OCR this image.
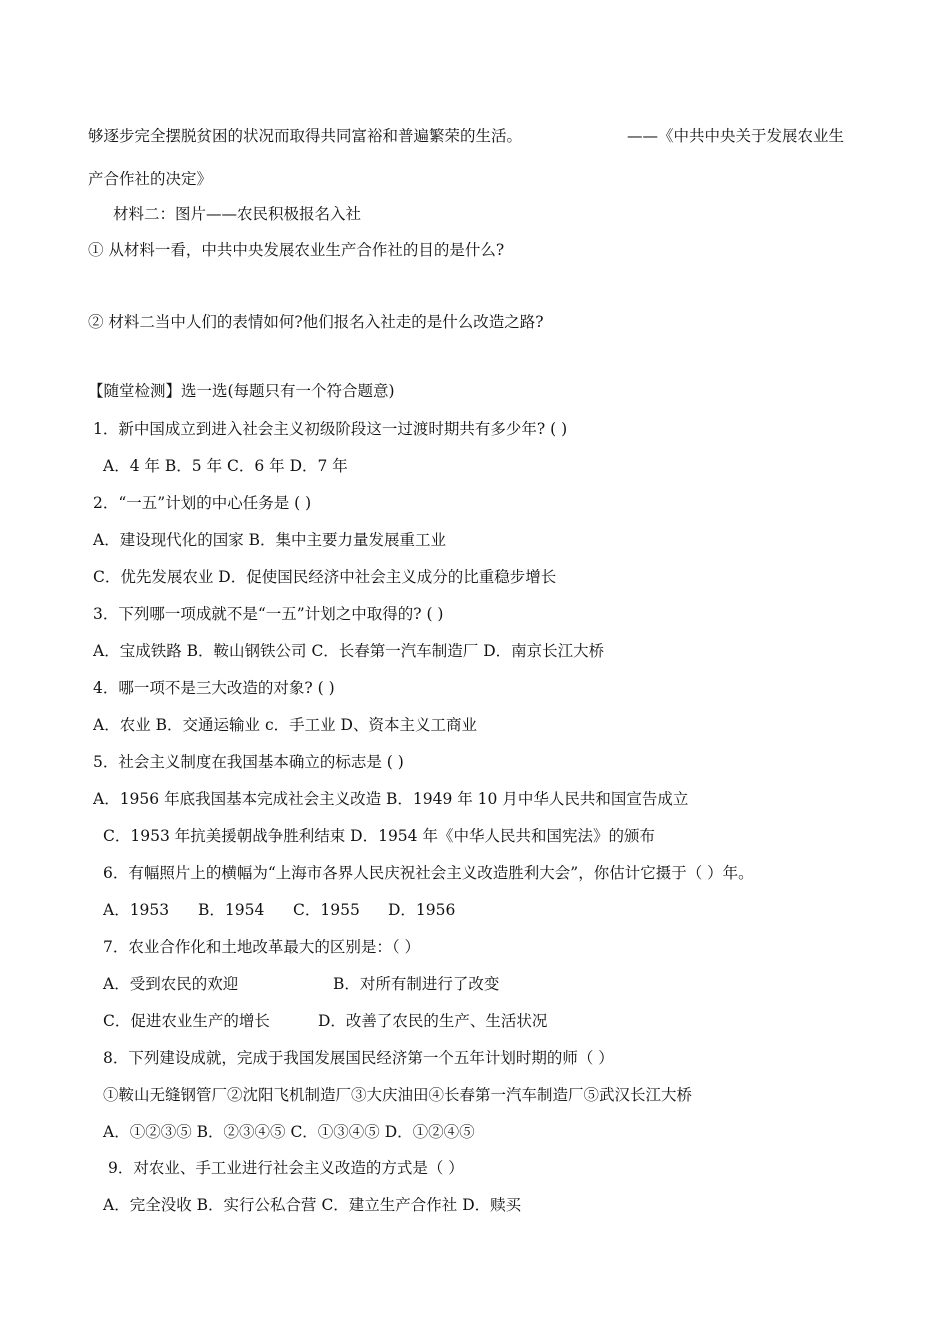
够逐步完全摆脱贫困的状况而取得共同富裕和普遍繁荣的生活。	——《中共中央关于发展农业生
产合作社的决定》
材料二：图片——农民积极报名入社
① 从材料一看，中共中央发展农业生产合作社的目的是什么?
② 材料二当中人们的表情如何?他们报名入社走的是什么改造之路?
【随堂检测】选一选(每题只有一个符合题意)
1．新中国成立到进入社会主义初级阶段这一过渡时期共有多少年? ( )
A．4 年 B．5 年 C．6 年 D．7 年
2．“一五”计划的中心任务是 ( )
A．建设现代化的国家 B．集中主要力量发展重工业
C．优先发展农业 D．促使国民经济中社会主义成分的比重稳步增长
3．下列哪一项成就不是“一五”计划之中取得的? ( )
A．宝成铁路 B．鞍山钢铁公司 C．长春第一汽车制造厂 D．南京长江大桥
4．哪一项不是三大改造的对象? ( )
A．农业 B．交通运输业 c．手工业 D、资本主义工商业
5．社会主义制度在我国基本确立的标志是 ( )
A．1956 年底我国基本完成社会主义改造 B．1949 年 10 月中华人民共和国宣告成立
C．1953 年抗美援朝战争胜利结束 D．1954 年《中华人民共和国宪法》的颁布
6．有幅照片上的横幅为“上海市各界人民庆祝社会主义改造胜利大会”，你估计它摄于（ ）年。
A．1953 B．1954 C．1955 D．1956
7．农业合作化和土地改革最大的区别是：（ ）
A．受到农民的欢迎	B．对所有制进行了改变
C．促进农业生产的增长	D．改善了农民的生产、生活状况
8．下列建设成就，完成于我国发展国民经济第一个五年计划时期的师（ ）
①鞍山无缝钢管厂②沈阳飞机制造厂③大庆油田④长春第一汽车制造厂⑤武汉长江大桥
A．①②③⑤ B．②③④⑤ C．①③④⑤ D．①②④⑤
9．对农业、手工业进行社会主义改造的方式是（ ）
A．完全没收 B．实行公私合营 C．建立生产合作社 D．赎买
